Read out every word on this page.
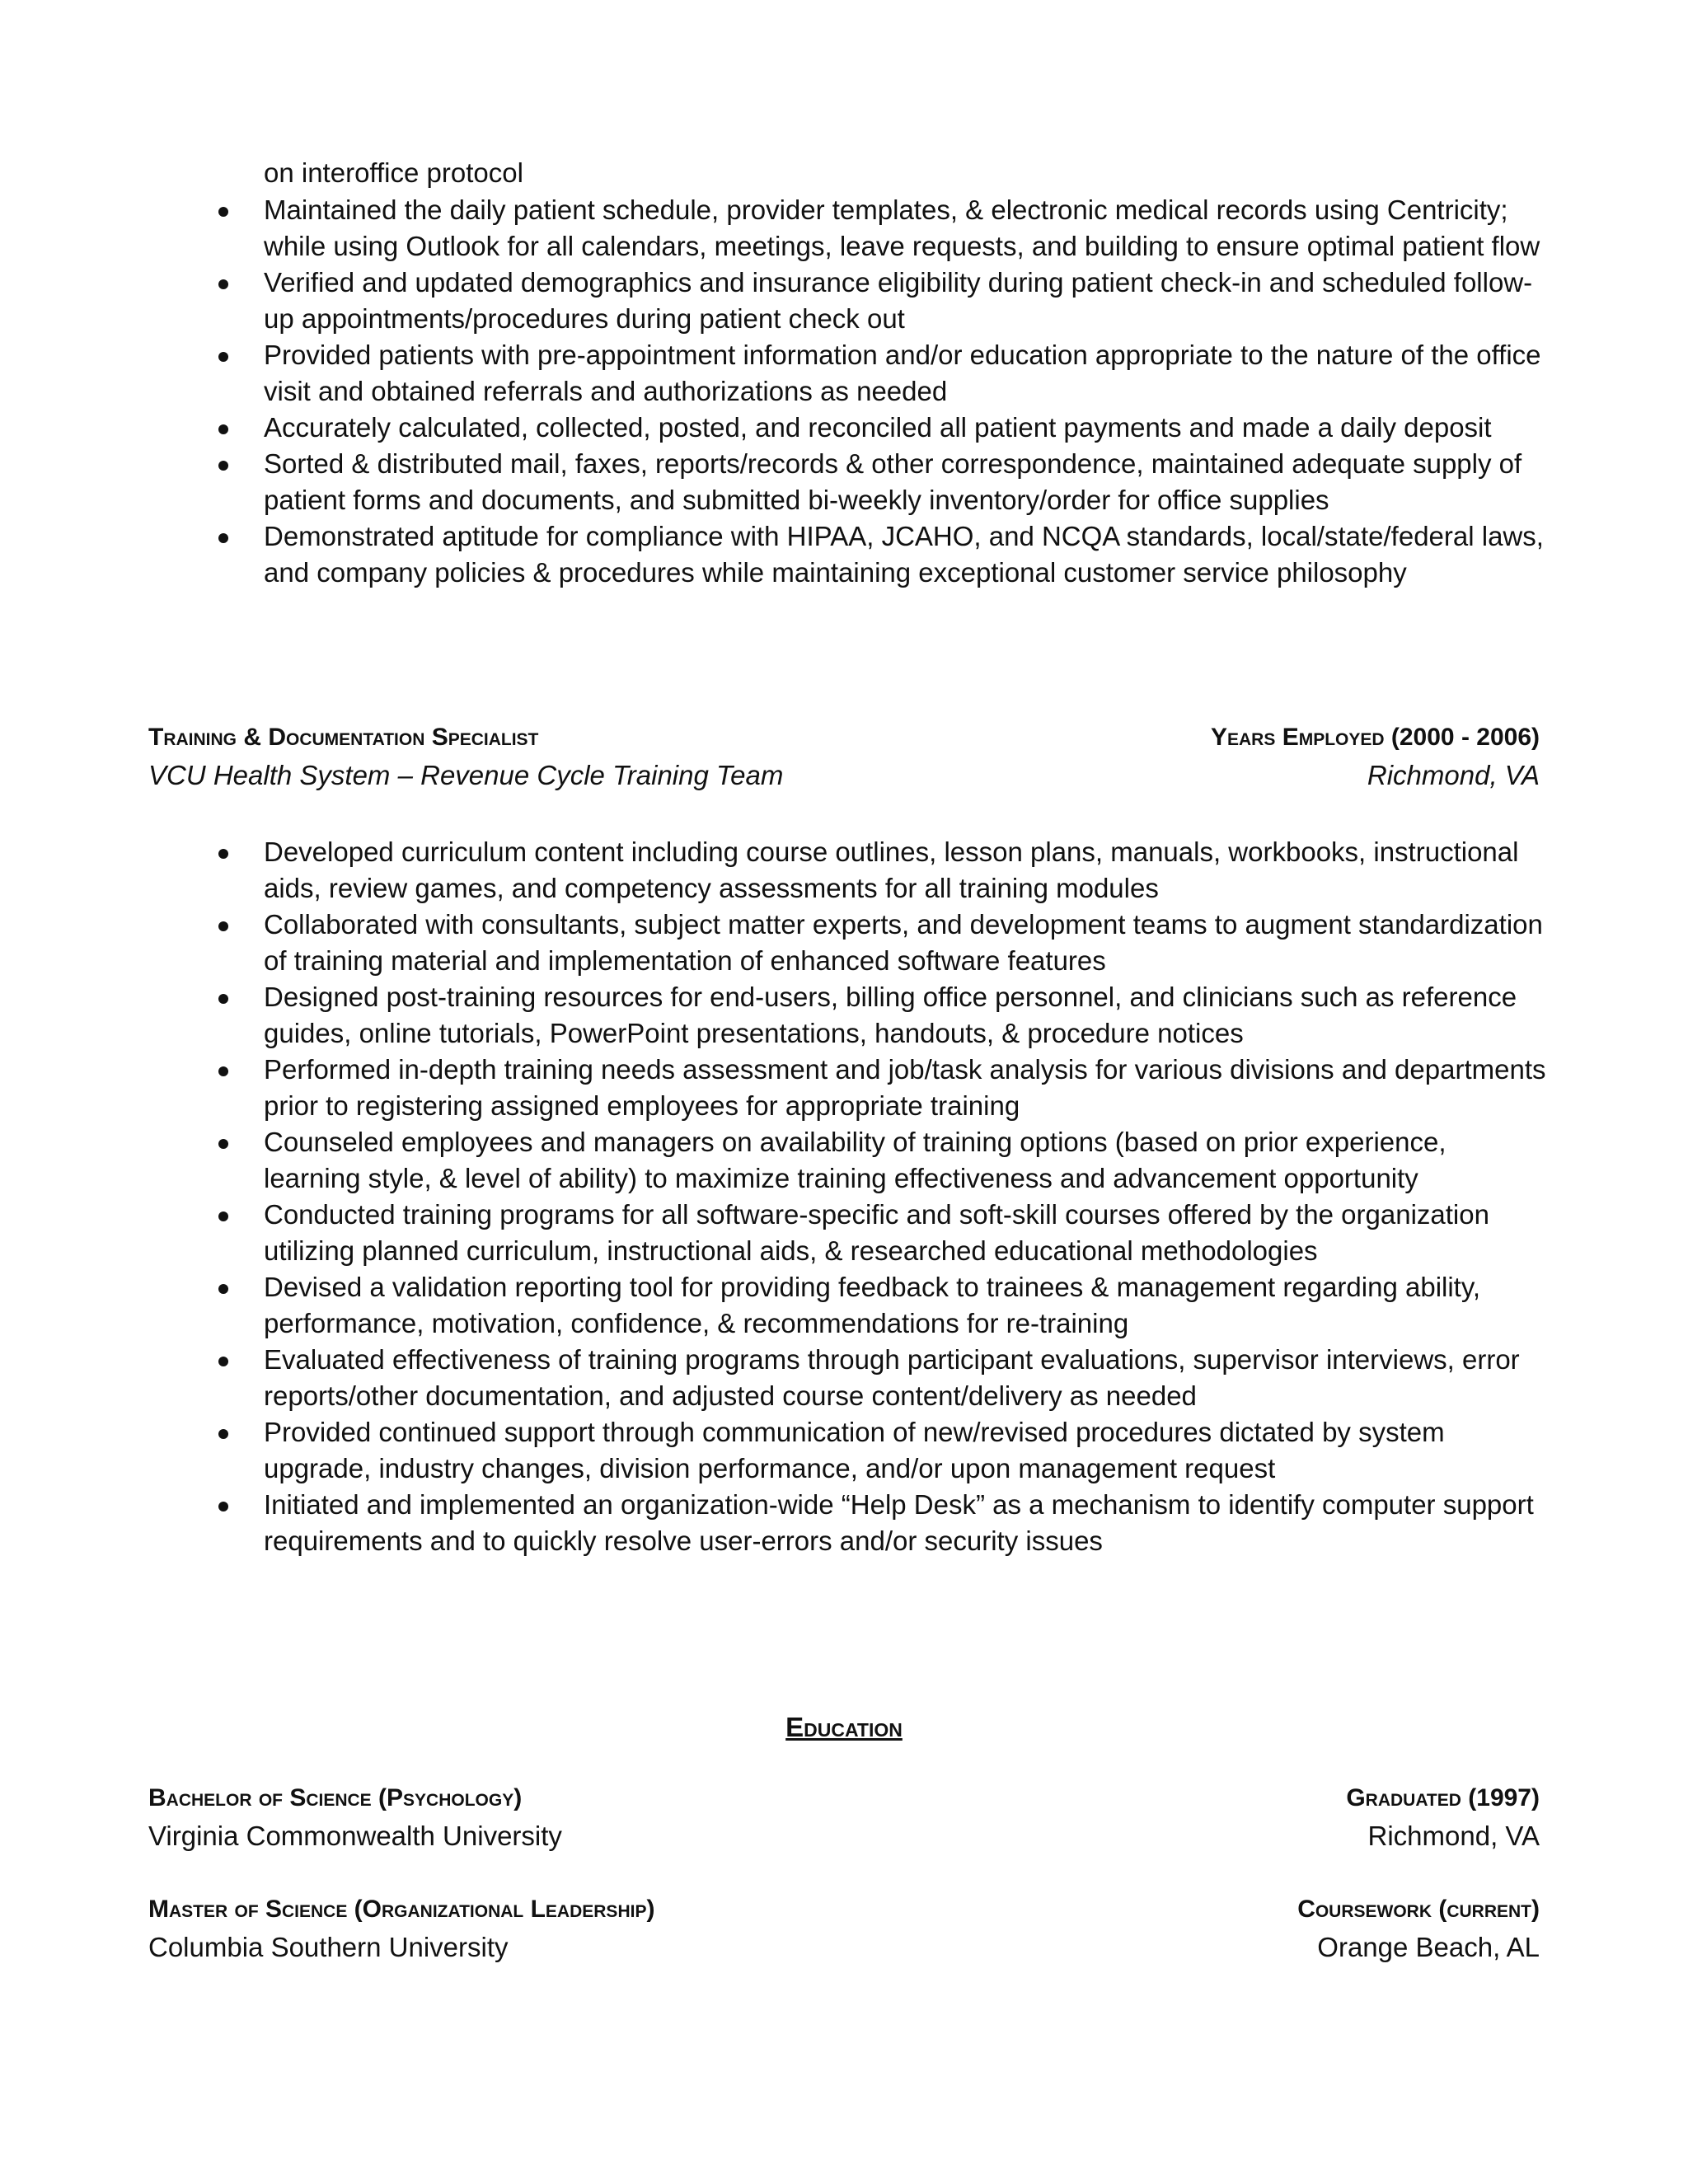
on interoffice protocol

Maintained the daily patient schedule, provider templates, & electronic medical records using Centricity; while using Outlook for all calendars, meetings, leave requests, and building to ensure optimal patient flow
Verified and updated demographics and insurance eligibility during patient check-in and scheduled follow-up appointments/procedures during patient check out
Provided patients with pre-appointment information and/or education appropriate to the nature of the office visit and obtained referrals and authorizations as needed
Accurately calculated, collected, posted, and reconciled all patient payments and made a daily deposit
Sorted & distributed mail, faxes, reports/records & other correspondence, maintained adequate supply of patient forms and documents, and submitted bi-weekly inventory/order for office supplies
Demonstrated aptitude for compliance with HIPAA, JCAHO, and NCQA standards, local/state/federal laws, and company policies & procedures while maintaining exceptional customer service philosophy
Training & Documentation Specialist	Years Employed (2000 - 2006)
VCU Health System – Revenue Cycle Training Team	Richmond, VA
Developed curriculum content including course outlines, lesson plans, manuals, workbooks, instructional aids, review games, and competency assessments for all training modules
Collaborated with consultants, subject matter experts, and development teams to augment standardization of training material and implementation of enhanced software features
Designed post-training resources for end-users, billing office personnel, and clinicians such as reference guides, online tutorials, PowerPoint presentations, handouts, & procedure notices
Performed in-depth training needs assessment and job/task analysis for various divisions and departments prior to registering assigned employees for appropriate training
Counseled employees and managers on availability of training options (based on prior experience, learning style, & level of ability) to maximize training effectiveness and advancement opportunity
Conducted training programs for all software-specific and soft-skill courses offered by the organization utilizing planned curriculum, instructional aids, & researched educational methodologies
Devised a validation reporting tool for providing feedback to trainees & management regarding ability, performance, motivation, confidence, & recommendations for re-training
Evaluated effectiveness of training programs through participant evaluations, supervisor interviews, error reports/other documentation, and adjusted course content/delivery as needed
Provided continued support through communication of new/revised procedures dictated by system upgrade, industry changes, division performance, and/or upon management request
Initiated and implemented an organization-wide “Help Desk” as a mechanism to identify computer support requirements and to quickly resolve user-errors and/or security issues
Education
Bachelor of Science (Psychology)	Graduated (1997)
Virginia Commonwealth University	Richmond, VA
Master of Science (Organizational Leadership)	Coursework (current)
Columbia Southern University	Orange Beach, AL
